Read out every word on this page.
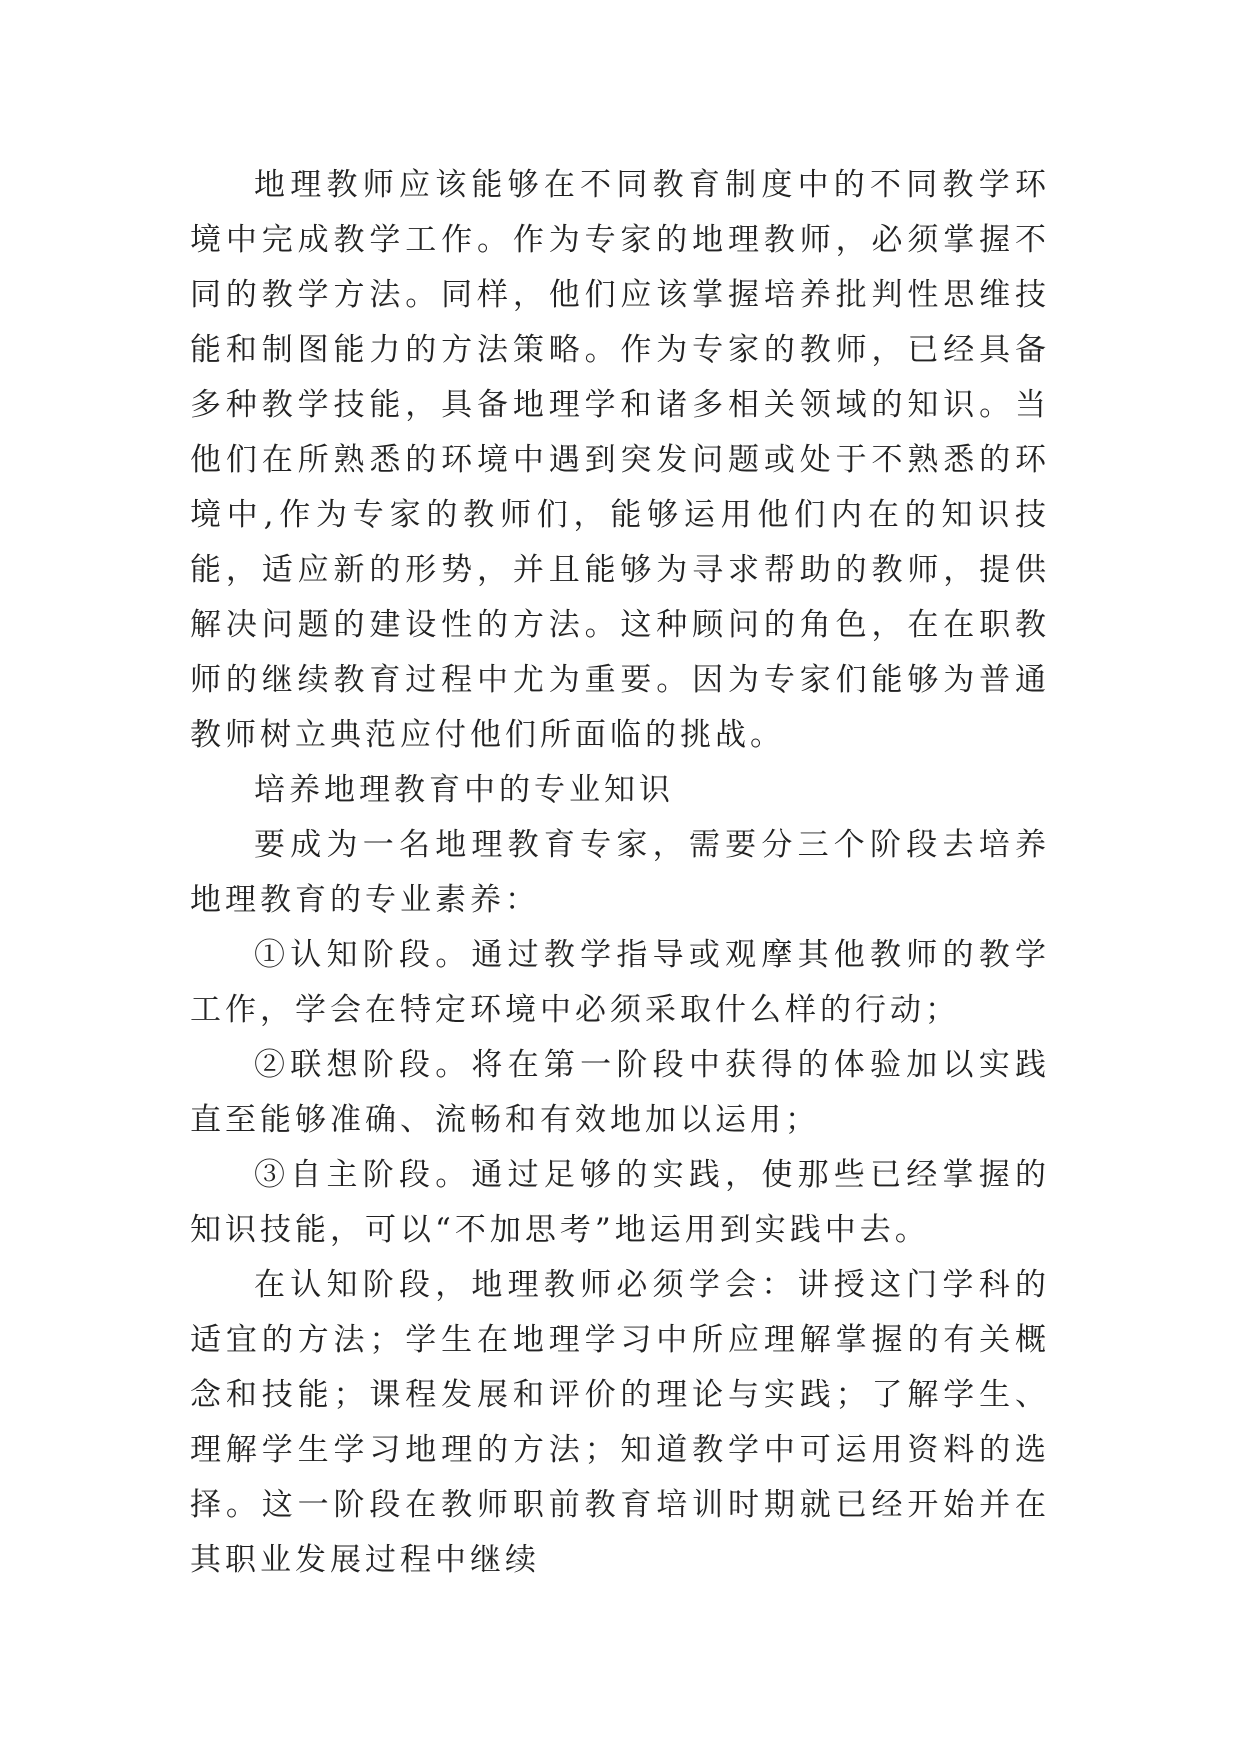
地理教师应该能够在不同教育制度中的不同教学环境中完成教学工作。作为专家的地理教师，必须掌握不同的教学方法。同样，他们应该掌握培养批判性思维技能和制图能力的方法策略。作为专家的教师，已经具备多种教学技能，具备地理学和诸多相关领域的知识。当他们在所熟悉的环境中遇到突发问题或处于不熟悉的环境中,作为专家的教师们，能够运用他们内在的知识技能，适应新的形势，并且能够为寻求帮助的教师，提供解决问题的建设性的方法。这种顾问的角色，在在职教师的继续教育过程中尤为重要。因为专家们能够为普通教师树立典范应付他们所面临的挑战。

培养地理教育中的专业知识

要成为一名地理教育专家，需要分三个阶段去培养地理教育的专业素养：

①认知阶段。通过教学指导或观摩其他教师的教学工作，学会在特定环境中必须采取什么样的行动；

②联想阶段。将在第一阶段中获得的体验加以实践直至能够准确、流畅和有效地加以运用；

③自主阶段。通过足够的实践，使那些已经掌握的知识技能，可以“不加思考”地运用到实践中去。

在认知阶段，地理教师必须学会：讲授这门学科的适宜的方法；学生在地理学习中所应理解掌握的有关概念和技能；课程发展和评价的理论与实践；了解学生、理解学生学习地理的方法；知道教学中可运用资料的选择。这一阶段在教师职前教育培训时期就已经开始并在其职业发展过程中继续
